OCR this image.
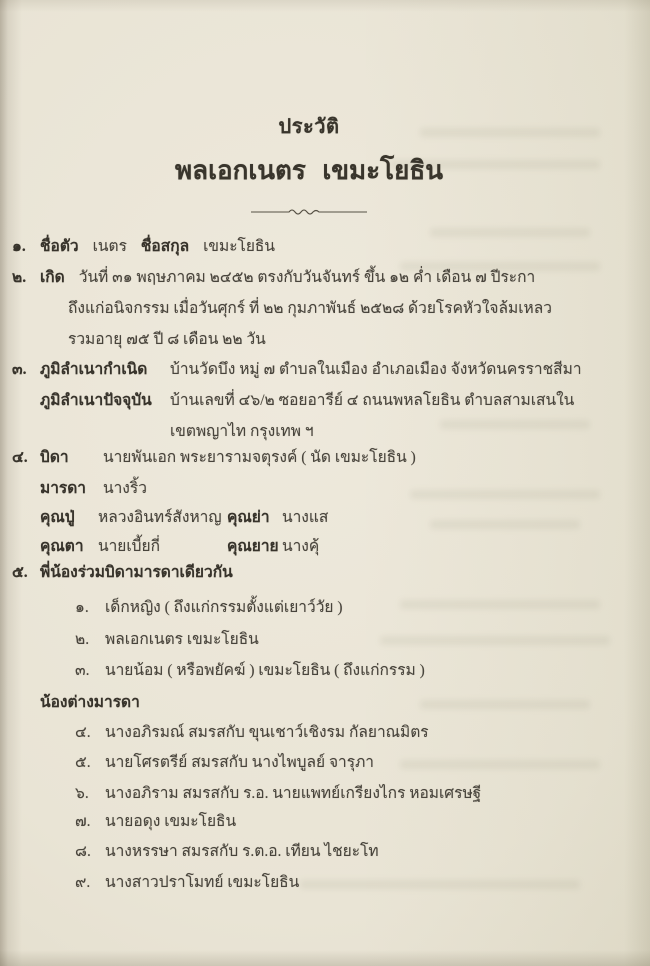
ประวัติ
พลเอกเนตร เขมะโยธิน
๑. ชื่อตัว เนตร ชื่อสกุล เขมะโยธิน
๒. เกิด วันที่ ๓๑ พฤษภาคม ๒๔๕๒ ตรงกับวันจันทร์ ขึ้น ๑๒ ค่ำ เดือน ๗ ปีระกา
ถึงแก่อนิจกรรม เมื่อวันศุกร์ ที่ ๒๒ กุมภาพันธ์ ๒๕๒๘ ด้วยโรคหัวใจล้มเหลว
รวมอายุ ๗๕ ปี ๘ เดือน ๒๒ วัน
๓. ภูมิลำเนากำเนิด	บ้านวัดบึง หมู่ ๗ ตำบลในเมือง อำเภอเมือง จังหวัดนครราชสีมา
ภูมิลำเนาปัจจุบัน	บ้านเลขที่ ๔๖/๒ ซอยอารีย์ ๔ ถนนพหลโยธิน ตำบลสามเสนใน
เขตพญาไท กรุงเทพ ฯ
๔. บิดา	นายพันเอก พระยารามจตุรงค์ ( นัด เขมะโยธิน )
มารดา	นางริ้ว
คุณปู่	หลวงอินทร์สังหาญ คุณย่า นางแส
คุณตา นายเบี้ยกี่	คุณยาย นางคุ้
๕. พี่น้องร่วมบิดามารดาเดียวกัน
๑.	เด็กหญิง ( ถึงแก่กรรมตั้งแต่เยาว์วัย )
๒.	พลเอกเนตร เขมะโยธิน
๓.	นายน้อม ( หรือพยัคฆ์ ) เขมะโยธิน ( ถึงแก่กรรม )
น้องต่างมารดา
๔. นางอภิรมณ์ สมรสกับ ขุนเชาว์เชิงรม กัลยาณมิตร
๕. นายโศรตรีย์ สมรสกับ นางไพบูลย์ จารุภา
๖.	นางอภิราม สมรสกับ ร.อ. นายแพทย์เกรียงไกร หอมเศรษฐี
๗. นายอดุง เขมะโยธิน
๘. นางหรรษา สมรสกับ ร.ต.อ. เทียน ไชยะโท
๙. นางสาวปราโมทย์ เขมะโยธิน
